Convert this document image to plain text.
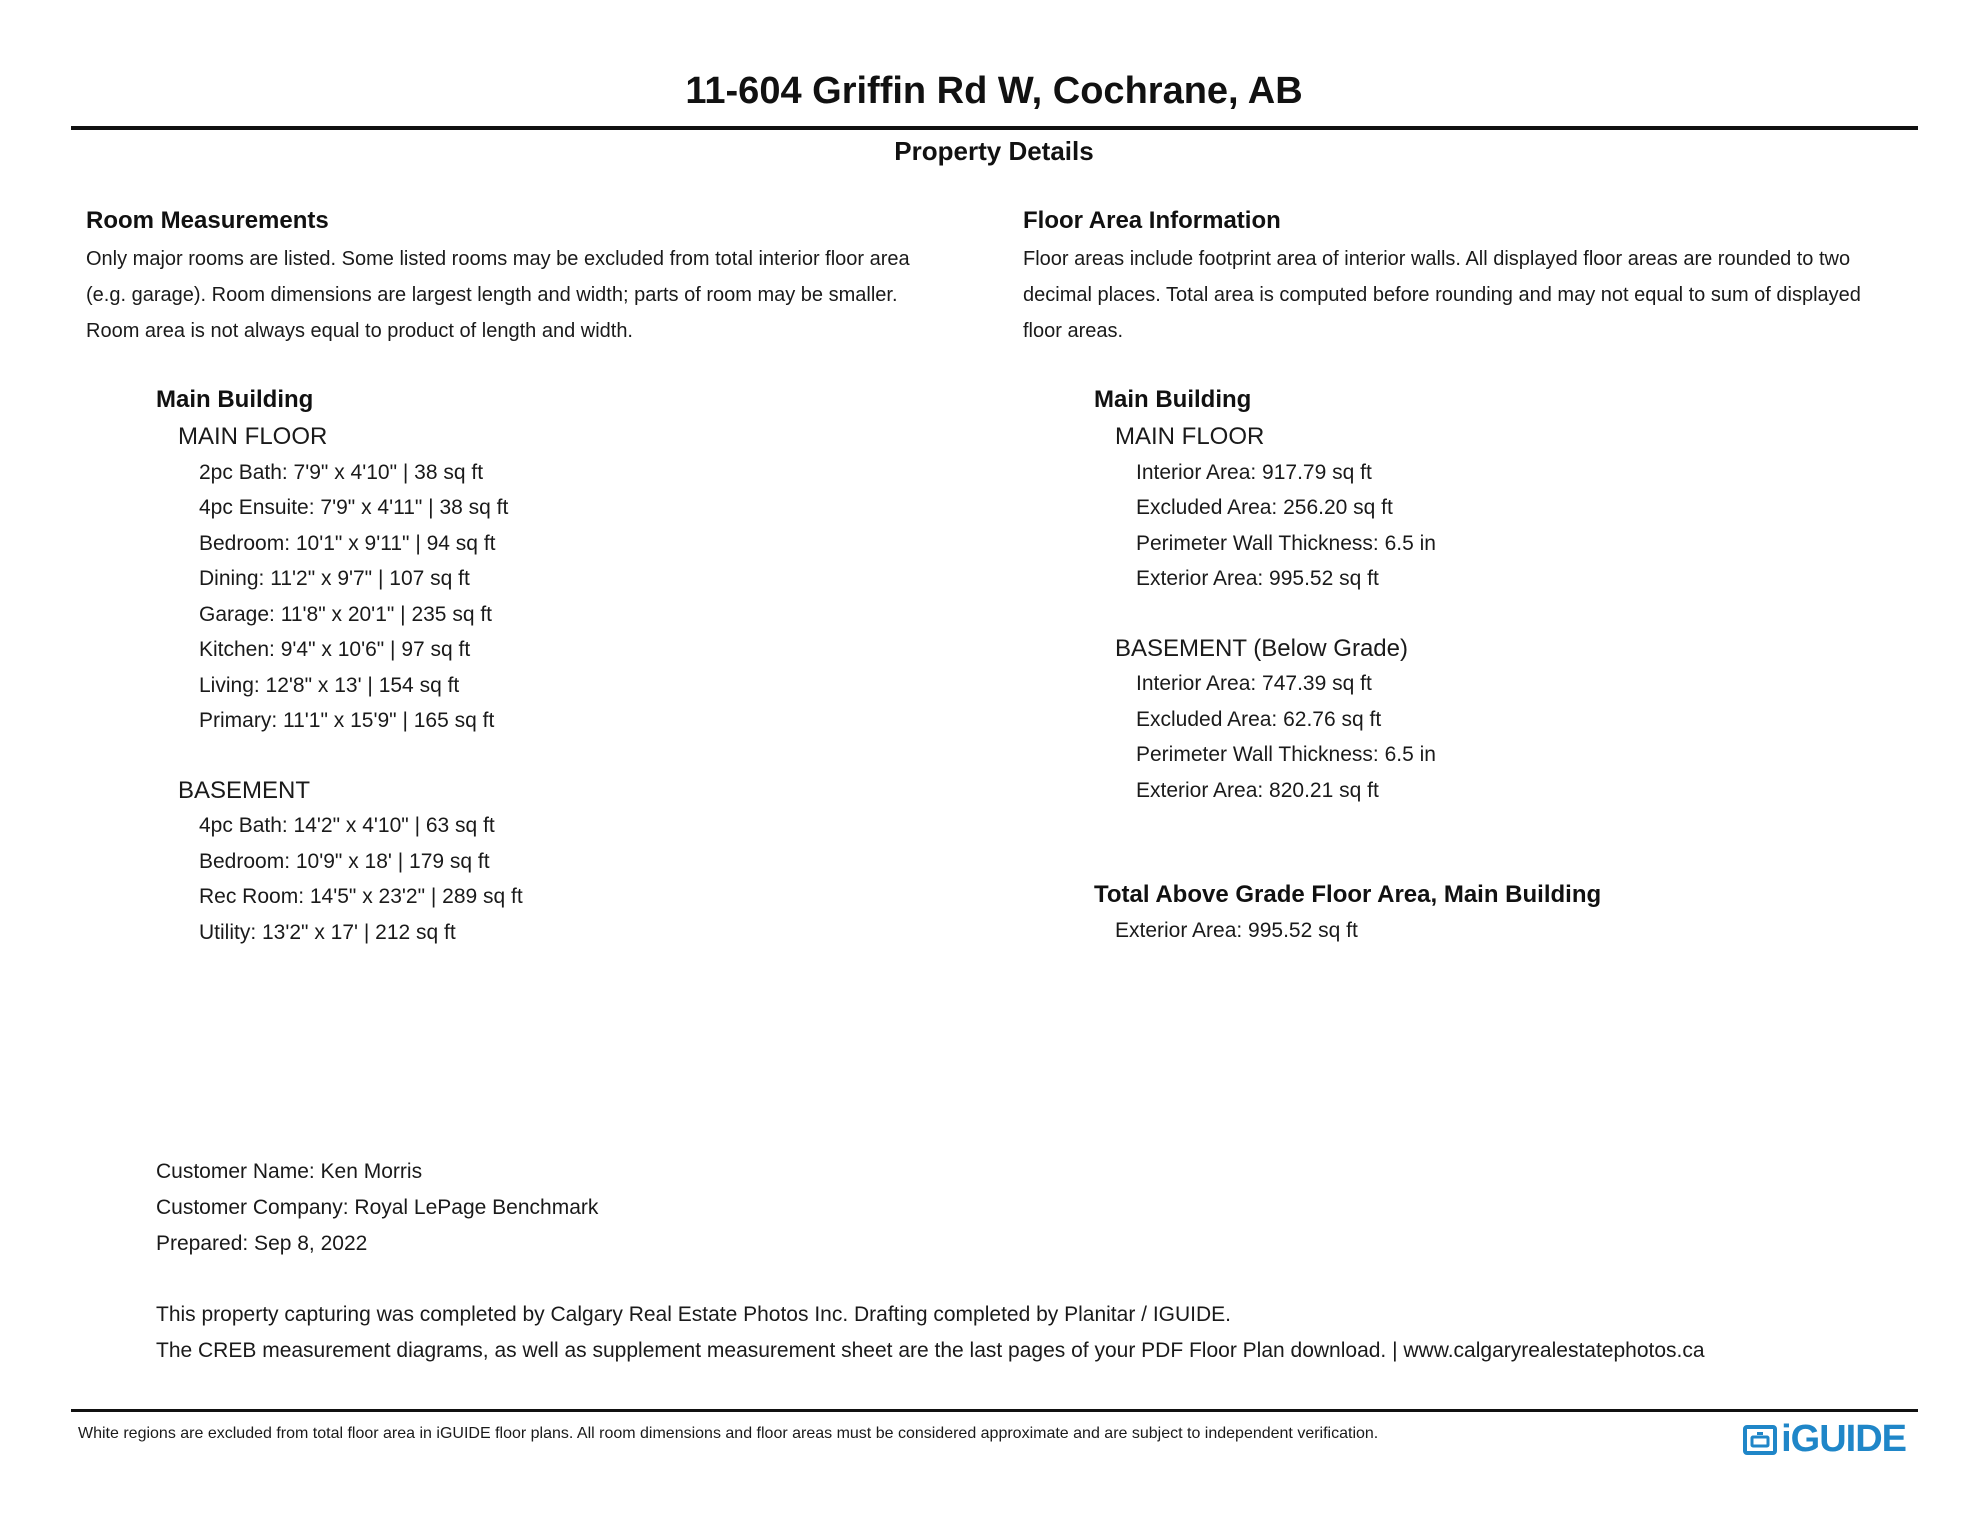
11-604 Griffin Rd W, Cochrane, AB
Property Details
Room Measurements
Only major rooms are listed. Some listed rooms may be excluded from total interior floor area
(e.g. garage). Room dimensions are largest length and width; parts of room may be smaller.
Room area is not always equal to product of length and width.
Main Building
MAIN FLOOR
2pc Bath: 7'9" x 4'10" | 38 sq ft
4pc Ensuite: 7'9" x 4'11" | 38 sq ft
Bedroom: 10'1" x 9'11" | 94 sq ft
Dining: 11'2" x 9'7" | 107 sq ft
Garage: 11'8" x 20'1" | 235 sq ft
Kitchen: 9'4" x 10'6" | 97 sq ft
Living: 12'8" x 13' | 154 sq ft
Primary: 11'1" x 15'9" | 165 sq ft
BASEMENT
4pc Bath: 14'2" x 4'10" | 63 sq ft
Bedroom: 10'9" x 18' | 179 sq ft
Rec Room: 14'5" x 23'2" | 289 sq ft
Utility: 13'2" x 17' | 212 sq ft
Floor Area Information
Floor areas include footprint area of interior walls. All displayed floor areas are rounded to two
decimal places. Total area is computed before rounding and may not equal to sum of displayed
floor areas.
Main Building
MAIN FLOOR
Interior Area: 917.79 sq ft
Excluded Area: 256.20 sq ft
Perimeter Wall Thickness: 6.5 in
Exterior Area: 995.52 sq ft
BASEMENT (Below Grade)
Interior Area: 747.39 sq ft
Excluded Area: 62.76 sq ft
Perimeter Wall Thickness: 6.5 in
Exterior Area: 820.21 sq ft
Total Above Grade Floor Area, Main Building
Exterior Area: 995.52 sq ft
Customer Name: Ken Morris
Customer Company: Royal LePage Benchmark
Prepared: Sep 8, 2022
This property capturing was completed by Calgary Real Estate Photos Inc. Drafting completed by Planitar / IGUIDE.
The CREB measurement diagrams, as well as supplement measurement sheet are the last pages of your PDF Floor Plan download. | www.calgaryrealestatephotos.ca
White regions are excluded from total floor area in iGUIDE floor plans. All room dimensions and floor areas must be considered approximate and are subject to independent verification.	iGUIDE
